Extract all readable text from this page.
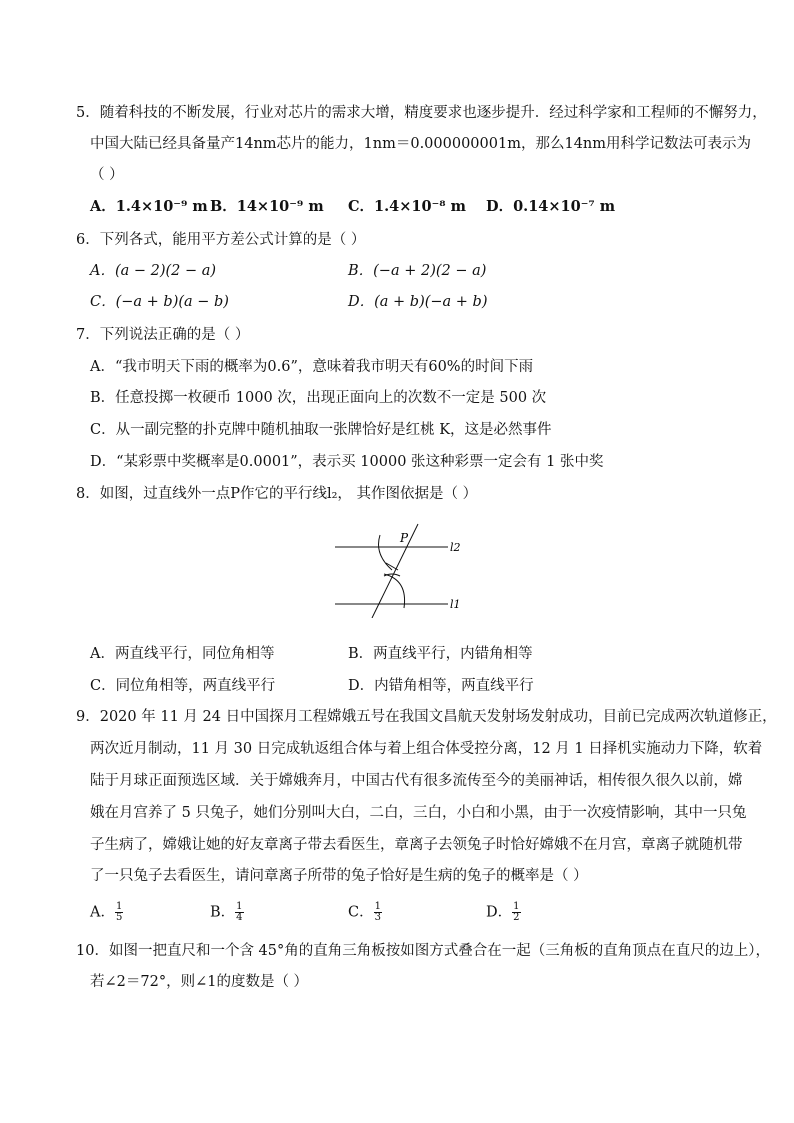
5．随着科技的不断发展，行业对芯片的需求大增，精度要求也逐步提升．经过科学家和工程师的不懈努力，
中国大陆已经具备量产14nm芯片的能力，1nm＝0.000000001m，那么14nm用科学记数法可表示为
（ ）
A．1.4×10⁻⁹ m B．14×10⁻⁹ m C．1.4×10⁻⁸ m D．0.14×10⁻⁷ m
6．下列各式，能用平方差公式计算的是（ ）
A．(a − 2)(2 − a)	B．(−a + 2)(2 − a)
C．(−a + b)(a − b)	D．(a + b)(−a + b)
7．下列说法正确的是（ ）
A．“我市明天下雨的概率为0.6”，意味着我市明天有60%的时间下雨
B．任意投掷一枚硬币 1000 次，出现正面向上的次数不一定是 500 次
C．从一副完整的扑克牌中随机抽取一张牌恰好是红桃 K，这是必然事件
D．“某彩票中奖概率是0.0001”，表示买 10000 张这种彩票一定会有 1 张中奖
8．如图，过直线外一点P作它的平行线l₂， 其作图依据是（ ）
P
l2
l1
A．两直线平行，同位角相等	B．两直线平行，内错角相等
C．同位角相等，两直线平行	D．内错角相等，两直线平行
9．2020 年 11 月 24 日中国探月工程嫦娥五号在我国文昌航天发射场发射成功，目前已完成两次轨道修正，
两次近月制动，11 月 30 日完成轨返组合体与着上组合体受控分离，12 月 1 日择机实施动力下降，软着
陆于月球正面预选区域．关于嫦娥奔月，中国古代有很多流传至今的美丽神话，相传很久很久以前，嫦
娥在月宫养了 5 只兔子，她们分别叫大白，二白，三白，小白和小黑，由于一次疫情影响，其中一只兔
子生病了，嫦娥让她的好友章离子带去看医生，章离子去领兔子时恰好嫦娥不在月宫，章离子就随机带
了一只兔子去看医生，请问章离子所带的兔子恰好是生病的兔子的概率是（ ）
A． $\frac{1}{5}$	B． $\frac{1}{4}$	C． $\frac{1}{3}$	D． $\frac{1}{2}$
10．如图一把直尺和一个含 45°角的直角三角板按如图方式叠合在一起（三角板的直角顶点在直尺的边上），
若∠2＝72°，则∠1的度数是（ ）
